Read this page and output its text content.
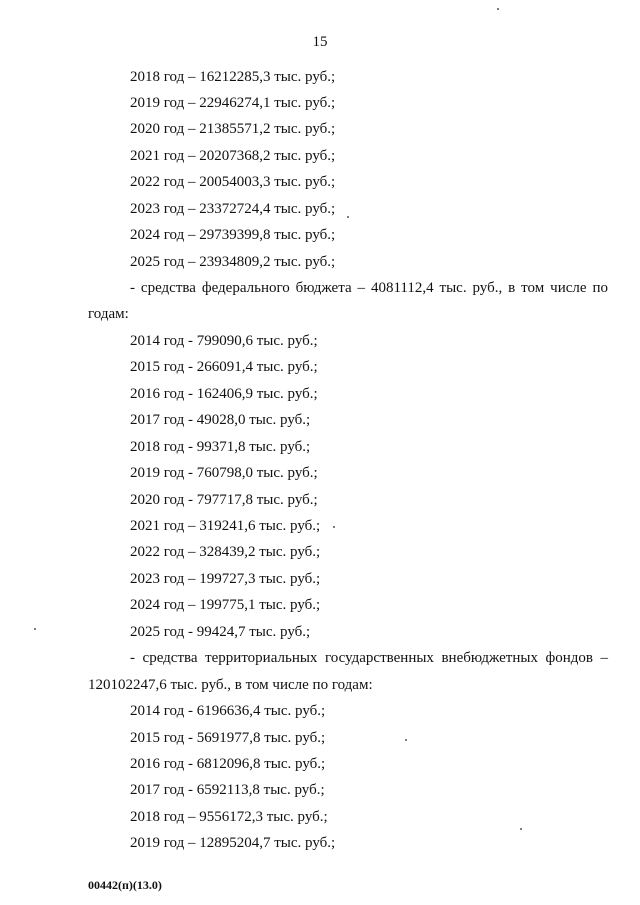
15
2018 год – 16212285,3 тыс. руб.;
2019 год – 22946274,1 тыс. руб.;
2020 год – 21385571,2 тыс. руб.;
2021 год – 20207368,2 тыс. руб.;
2022 год – 20054003,3 тыс. руб.;
2023 год – 23372724,4 тыс. руб.;
2024 год – 29739399,8 тыс. руб.;
2025 год – 23934809,2 тыс. руб.;
- средства федерального бюджета – 4081112,4 тыс. руб., в том числе по
годам:
2014 год - 799090,6 тыс. руб.;
2015 год - 266091,4 тыс. руб.;
2016 год - 162406,9 тыс. руб.;
2017 год - 49028,0 тыс. руб.;
2018 год - 99371,8 тыс. руб.;
2019 год - 760798,0 тыс. руб.;
2020 год - 797717,8 тыс. руб.;
2021 год – 319241,6 тыс. руб.;
2022 год – 328439,2 тыс. руб.;
2023 год – 199727,3 тыс. руб.;
2024 год – 199775,1 тыс. руб.;
2025 год - 99424,7 тыс. руб.;
- средства территориальных государственных внебюджетных фондов –
120102247,6 тыс. руб., в том числе по годам:
2014 год - 6196636,4 тыс. руб.;
2015 год - 5691977,8 тыс. руб.;
2016 год - 6812096,8 тыс. руб.;
2017 год - 6592113,8 тыс. руб.;
2018 год – 9556172,3 тыс. руб.;
2019 год – 12895204,7 тыс. руб.;
00442(п)(13.0)
